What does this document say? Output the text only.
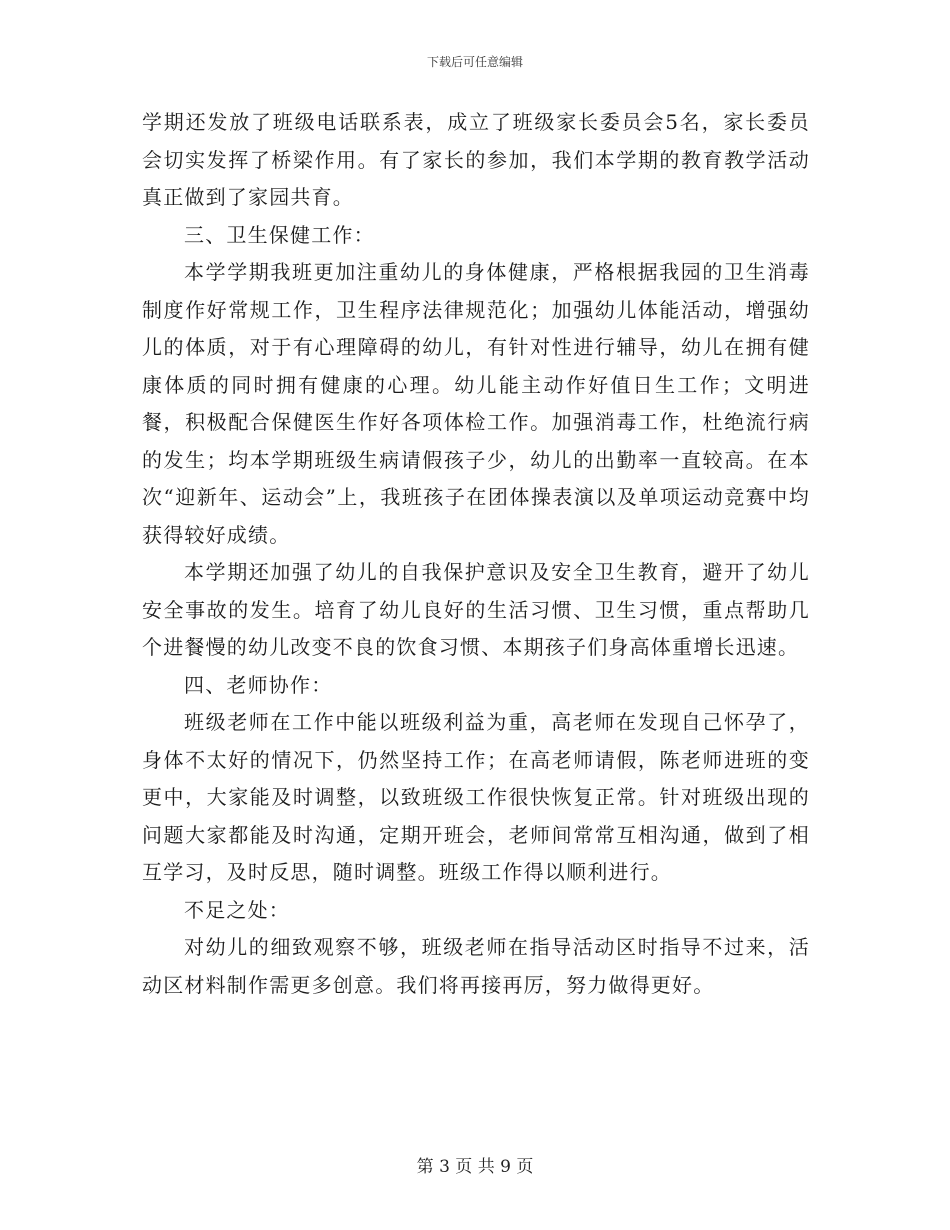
下载后可任意编辑

学期还发放了班级电话联系表，成立了班级家长委员会5名，家长委员会切实发挥了桥梁作用。有了家长的参加，我们本学期的教育教学活动真正做到了家园共育。

三、卫生保健工作：

本学学期我班更加注重幼儿的身体健康，严格根据我园的卫生消毒制度作好常规工作，卫生程序法律规范化；加强幼儿体能活动，增强幼儿的体质，对于有心理障碍的幼儿，有针对性进行辅导，幼儿在拥有健康体质的同时拥有健康的心理。幼儿能主动作好值日生工作；文明进餐，积极配合保健医生作好各项体检工作。加强消毒工作，杜绝流行病的发生；均本学期班级生病请假孩子少，幼儿的出勤率一直较高。在本次“迎新年、运动会”上，我班孩子在团体操表演以及单项运动竞赛中均获得较好成绩。

本学期还加强了幼儿的自我保护意识及安全卫生教育，避开了幼儿安全事故的发生。培育了幼儿良好的生活习惯、卫生习惯，重点帮助几个进餐慢的幼儿改变不良的饮食习惯、本期孩子们身高体重增长迅速。

四、老师协作：

班级老师在工作中能以班级利益为重，高老师在发现自己怀孕了，身体不太好的情况下，仍然坚持工作；在高老师请假，陈老师进班的变更中，大家能及时调整，以致班级工作很快恢复正常。针对班级出现的问题大家都能及时沟通，定期开班会，老师间常常互相沟通，做到了相互学习，及时反思，随时调整。班级工作得以顺利进行。

不足之处：

对幼儿的细致观察不够，班级老师在指导活动区时指导不过来，活动区材料制作需更多创意。我们将再接再厉，努力做得更好。

第 3 页 共 9 页
